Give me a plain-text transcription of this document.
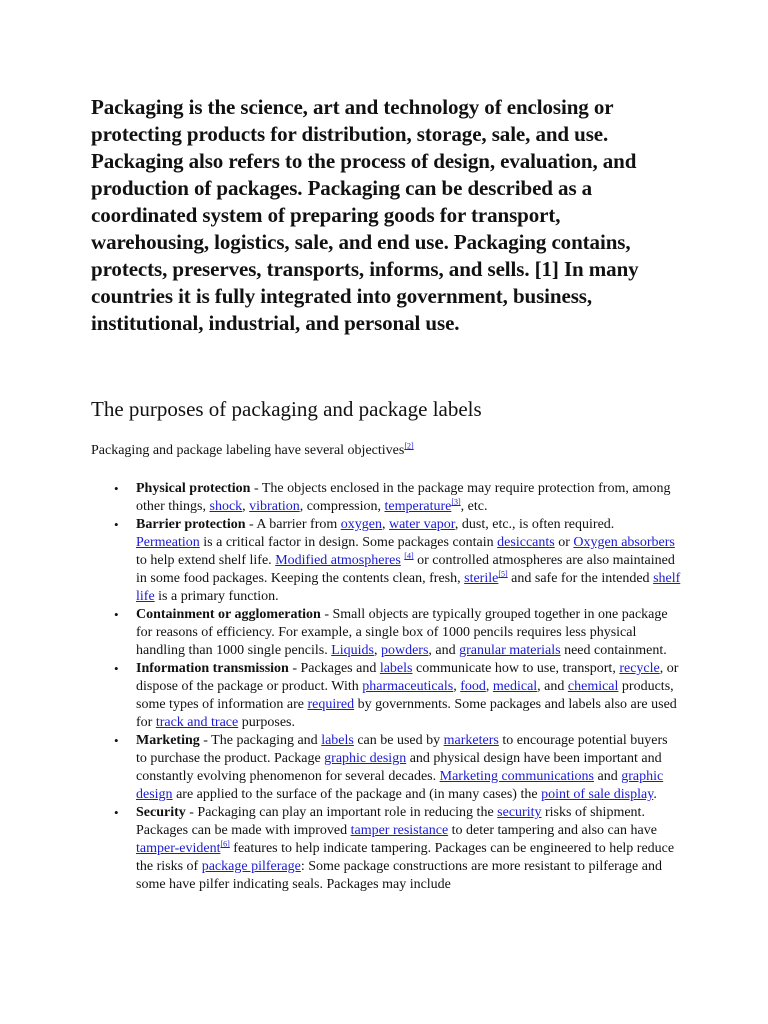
Packaging is the science, art and technology of enclosing or protecting products for distribution, storage, sale, and use. Packaging also refers to the process of design, evaluation, and production of packages. Packaging can be described as a coordinated system of preparing goods for transport, warehousing, logistics, sale, and end use. Packaging contains, protects, preserves, transports, informs, and sells. [1] In many countries it is fully integrated into government, business, institutional, industrial, and personal use.

The purposes of packaging and package labels

Packaging and package labeling have several objectives[2]

• Physical protection - The objects enclosed in the package may require protection from, among other things, shock, vibration, compression, temperature[3], etc.
• Barrier protection - A barrier from oxygen, water vapor, dust, etc., is often required. Permeation is a critical factor in design. Some packages contain desiccants or Oxygen absorbers to help extend shelf life. Modified atmospheres [4] or controlled atmospheres are also maintained in some food packages. Keeping the contents clean, fresh, sterile[5] and safe for the intended shelf life is a primary function.
• Containment or agglomeration - Small objects are typically grouped together in one package for reasons of efficiency. For example, a single box of 1000 pencils requires less physical handling than 1000 single pencils. Liquids, powders, and granular materials need containment.
• Information transmission - Packages and labels communicate how to use, transport, recycle, or dispose of the package or product. With pharmaceuticals, food, medical, and chemical products, some types of information are required by governments. Some packages and labels also are used for track and trace purposes.
• Marketing - The packaging and labels can be used by marketers to encourage potential buyers to purchase the product. Package graphic design and physical design have been important and constantly evolving phenomenon for several decades. Marketing communications and graphic design are applied to the surface of the package and (in many cases) the point of sale display.
• Security - Packaging can play an important role in reducing the security risks of shipment. Packages can be made with improved tamper resistance to deter tampering and also can have tamper-evident[6] features to help indicate tampering. Packages can be engineered to help reduce the risks of package pilferage: Some package constructions are more resistant to pilferage and some have pilfer indicating seals. Packages may include
